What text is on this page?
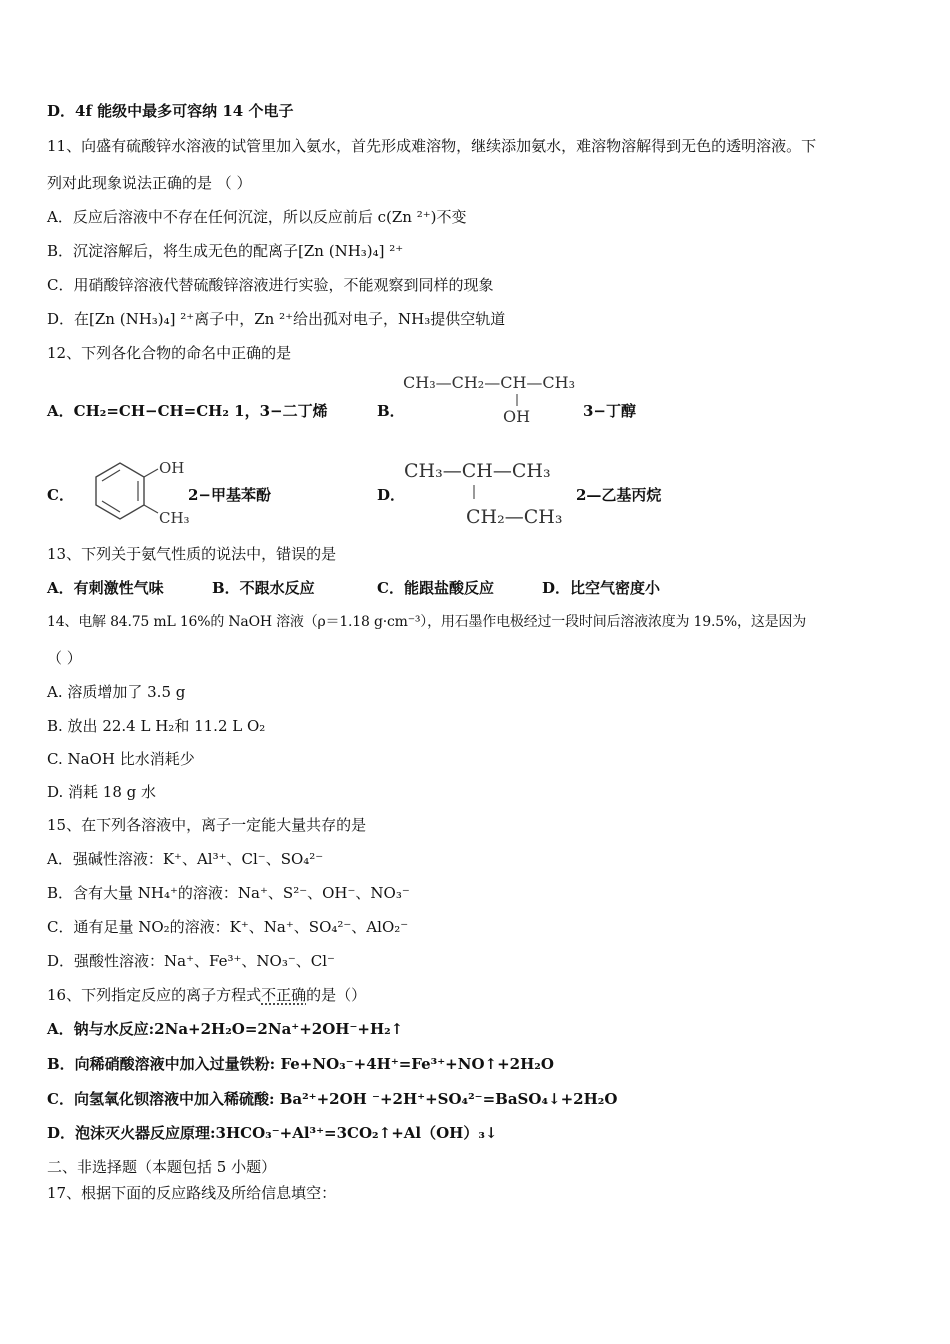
D．4f 能级中最多可容纳 14 个电子
11、向盛有硫酸锌水溶液的试管里加入氨水，首先形成难溶物，继续添加氨水，难溶物溶解得到无色的透明溶液。下
列对此现象说法正确的是 （ ）
A．反应后溶液中不存在任何沉淀，所以反应前后 c(Zn ²⁺)不变
B．沉淀溶解后，将生成无色的配离子[Zn (NH₃)₄] ²⁺
C．用硝酸锌溶液代替硫酸锌溶液进行实验，不能观察到同样的现象
D．在[Zn (NH₃)₄] ²⁺离子中，Zn ²⁺给出孤对电子，NH₃提供空轨道
12、下列各化合物的命名中正确的是
A．CH₂=CH−CH=CH₂ 1，3−二丁烯	B．
CH₃—CH₂—CH—CH₃
OH	3−丁醇
C．
OH
CH₃
2−甲基苯酚	D．
CH₃—CH—CH₃
CH₂—CH₃
2—乙基丙烷
13、下列关于氨气性质的说法中，错误的是
A．有刺激性气味	B．不跟水反应	C．能跟盐酸反应	D．比空气密度小
14、电解 84.75 mL 16%的 NaOH 溶液（ρ＝1.18 g·cm⁻³），用石墨作电极经过一段时间后溶液浓度为 19.5%，这是因为
（ ）
A. 溶质增加了 3.5 g
B. 放出 22.4 L H₂和 11.2 L O₂
C. NaOH 比水消耗少
D. 消耗 18 g 水
15、在下列各溶液中，离子一定能大量共存的是
A．强碱性溶液：K⁺、Al³⁺、Cl⁻、SO₄²⁻
B．含有大量 NH₄⁺的溶液：Na⁺、S²⁻、OH⁻、NO₃⁻
C．通有足量 NO₂的溶液：K⁺、Na⁺、SO₄²⁻、AlO₂⁻
D．强酸性溶液：Na⁺、Fe³⁺、NO₃⁻、Cl⁻
16、下列指定反应的离子方程式不正确的是（）
A．钠与水反应:2Na+2H₂O=2Na⁺+2OH⁻+H₂↑
B．向稀硝酸溶液中加入过量铁粉: Fe+NO₃⁻+4H⁺=Fe³⁺+NO↑+2H₂O
C．向氢氧化钡溶液中加入稀硫酸: Ba²⁺+2OH ⁻+2H⁺+SO₄²⁻=BaSO₄↓+2H₂O
D．泡沫灭火器反应原理:3HCO₃⁻+Al³⁺=3CO₂↑+Al（OH）₃↓
二、非选择题（本题包括 5 小题）
17、根据下面的反应路线及所给信息填空：
